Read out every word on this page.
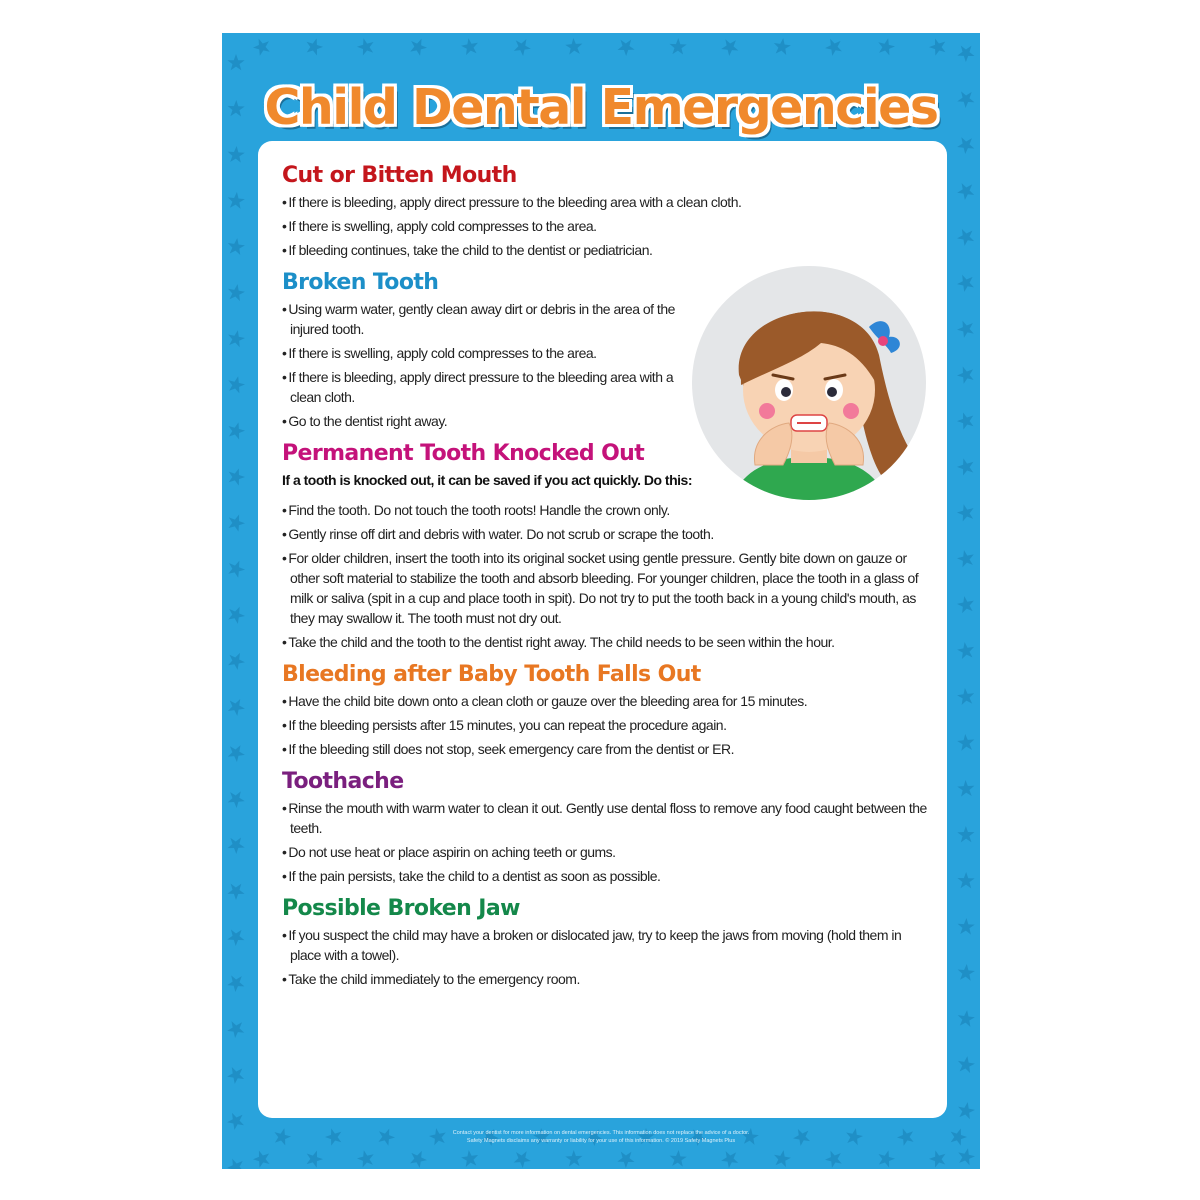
Child Dental Emergencies
Cut or Bitten Mouth
• If there is bleeding, apply direct pressure to the bleeding area with a clean cloth.
• If there is swelling, apply cold compresses to the area.
• If bleeding continues, take the child to the dentist or pediatrician.
Broken Tooth
• Using warm water, gently clean away dirt or debris in the area of the injured tooth.
• If there is swelling, apply cold compresses to the area.
• If there is bleeding, apply direct pressure to the bleeding area with a clean cloth.
• Go to the dentist right away.
Permanent Tooth Knocked Out
If a tooth is knocked out, it can be saved if you act quickly. Do this:
• Find the tooth. Do not touch the tooth roots! Handle the crown only.
• Gently rinse off dirt and debris with water. Do not scrub or scrape the tooth.
• For older children, insert the tooth into its original socket using gentle pressure. Gently bite down on gauze or other soft material to stabilize the tooth and absorb bleeding. For younger children, place the tooth in a glass of milk or saliva (spit in a cup and place tooth in spit). Do not try to put the tooth back in a young child's mouth, as they may swallow it. The tooth must not dry out.
• Take the child and the tooth to the dentist right away. The child needs to be seen within the hour.
Bleeding after Baby Tooth Falls Out
• Have the child bite down onto a clean cloth or gauze over the bleeding area for 15 minutes.
• If the bleeding persists after 15 minutes, you can repeat the procedure again.
• If the bleeding still does not stop, seek emergency care from the dentist or ER.
Toothache
• Rinse the mouth with warm water to clean it out. Gently use dental floss to remove any food caught between the teeth.
• Do not use heat or place aspirin on aching teeth or gums.
• If the pain persists, take the child to a dentist as soon as possible.
Possible Broken Jaw
• If you suspect the child may have a broken or dislocated jaw, try to keep the jaws from moving (hold them in place with a towel).
• Take the child immediately to the emergency room.
Contact your dentist for more information on dental emergencies. This information does not replace the advice of a doctor.
Safety Magnets disclaims any warranty or liability for your use of this information. © 2019 Safety Magnets Plus
